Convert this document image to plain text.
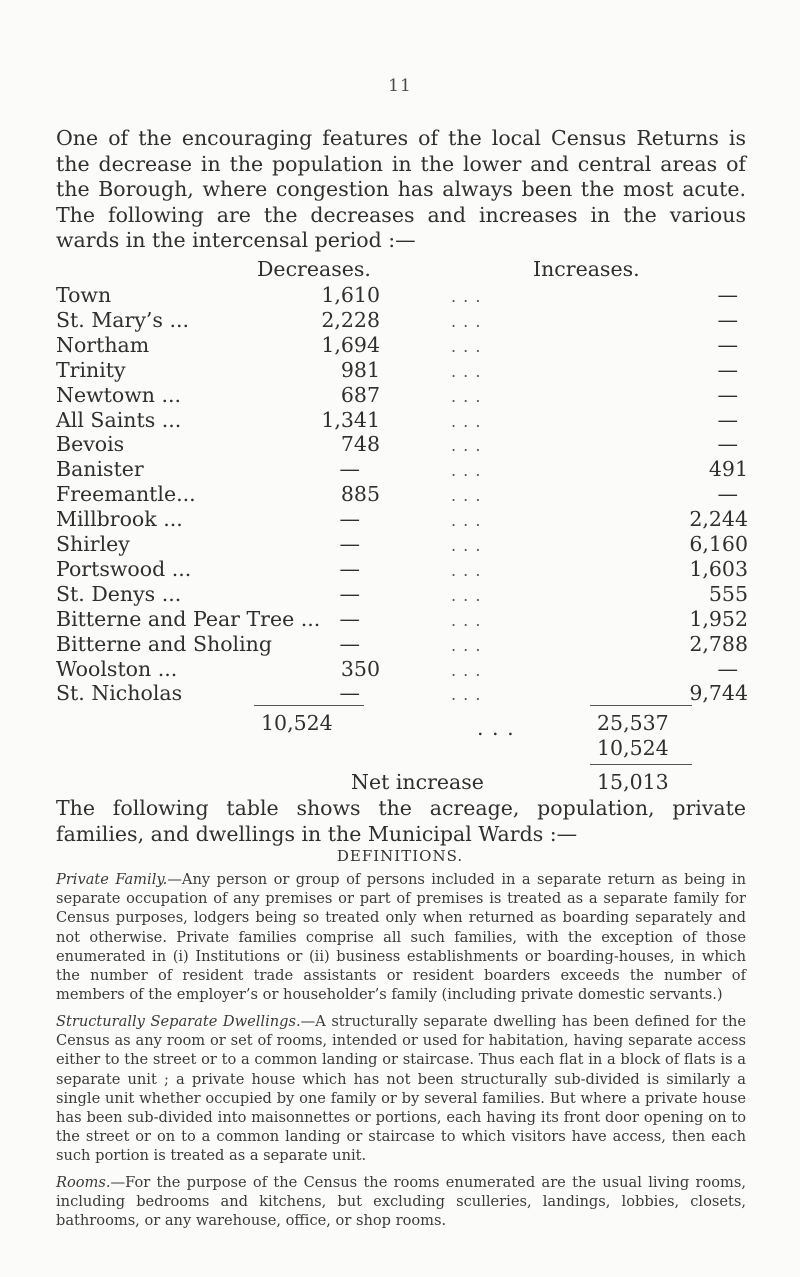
11
One of the encouraging features of the local Census Returns is the decrease in the population in the lower and central areas of the Borough, where congestion has always been the most acute. The following are the decreases and increases in the various wards in the intercensal period :—
Decreases.	Increases.
Town	1,610	. . .	—
St. Mary’s ...	2,228	. . .	—
Northam	1,694	. . .	—
Trinity	981	. . .	—
Newtown ...	687	. . .	—
All Saints ...	1,341	. . .	—
Bevois	748	. . .	—
Banister	—	. . .	491
Freemantle...	885	. . .	—
Millbrook ...	—	. . .	2,244
Shirley	—	. . .	6,160
Portswood ...	—	. . .	1,603
St. Denys ...	—	. . .	555
Bitterne and Pear Tree ... —	. . .	1,952
Bitterne and Sholing	—	. . .	2,788
Woolston ...	350	. . .	—
St. Nicholas	—	. . .	9,744
10,524	. . .	25,537
10,524
Net increase	15,013
The following table shows the acreage, population, private families, and dwellings in the Municipal Wards :—
DEFINITIONS.

Private Family.—Any person or group of persons included in a separate return as being in separate occupation of any premises or part of premises is treated as a separate family for Census purposes, lodgers being so treated only when returned as boarding separately and not otherwise. Private families comprise all such families, with the exception of those enumerated in (i) Institutions or (ii) business establishments or boarding-houses, in which the number of resident trade assistants or resident boarders exceeds the number of members of the employer’s or householder’s family (including private domestic servants.)

Structurally Separate Dwellings.—A structurally separate dwelling has been defined for the Census as any room or set of rooms, intended or used for habitation, having separate access either to the street or to a common landing or staircase. Thus each flat in a block of flats is a separate unit ; a private house which has not been structurally sub-divided is similarly a single unit whether occupied by one family or by several families. But where a private house has been sub-divided into maisonnettes or portions, each having its front door opening on to the street or on to a common landing or staircase to which visitors have access, then each such portion is treated as a separate unit.

Rooms.—For the purpose of the Census the rooms enumerated are the usual living rooms, including bedrooms and kitchens, but excluding sculleries, landings, lobbies, closets, bathrooms, or any warehouse, office, or shop rooms.
